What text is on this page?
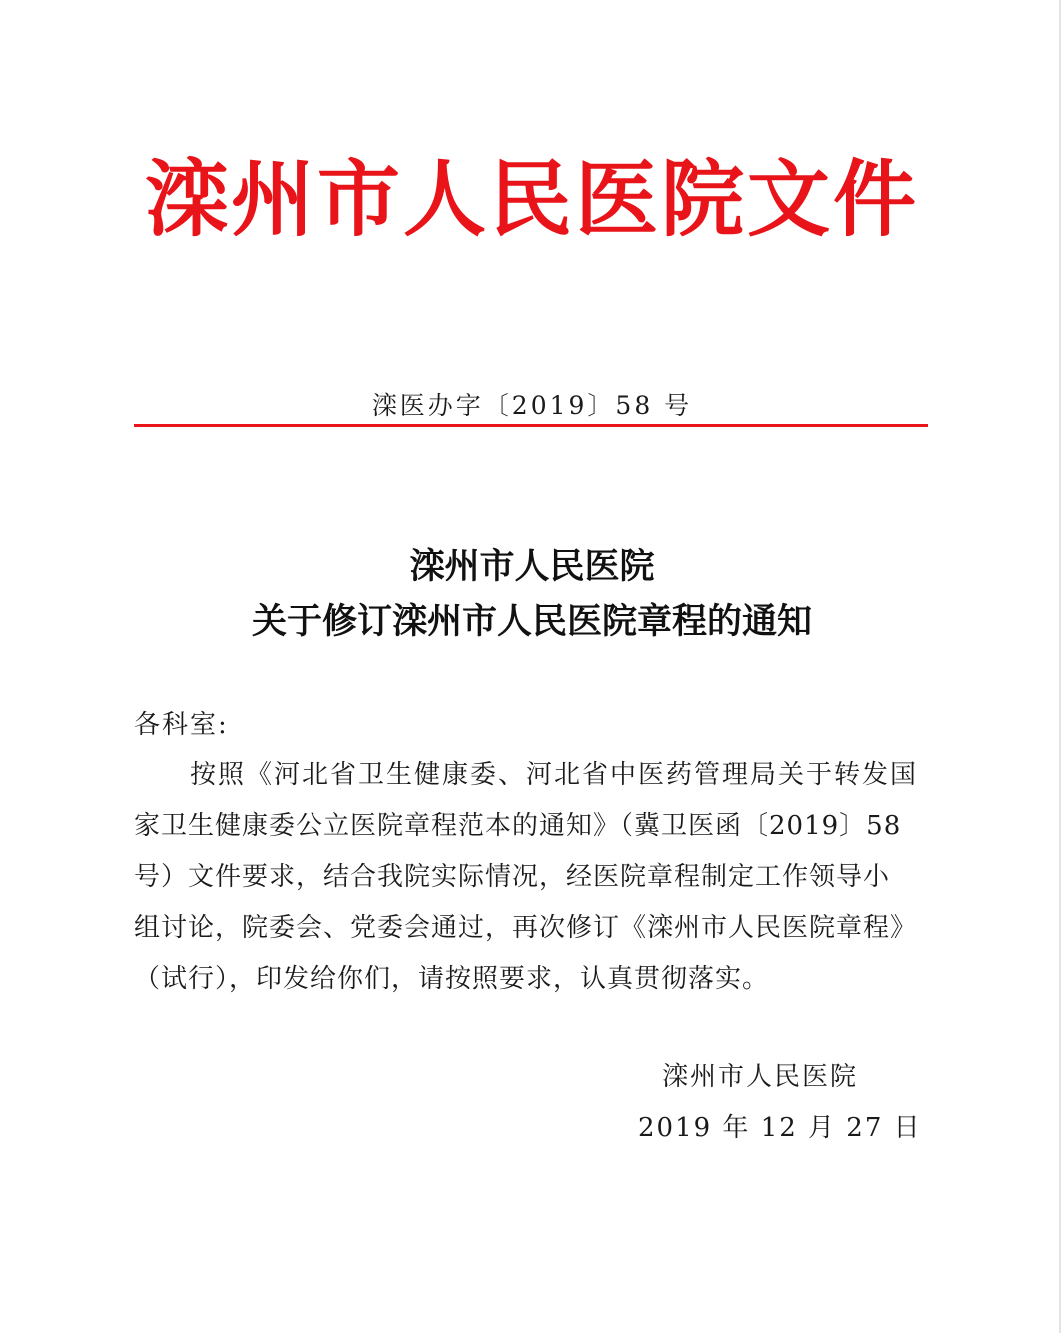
滦州市人民医院文件
滦医办字〔2019〕58 号
滦州市人民医院
关于修订滦州市人民医院章程的通知
各科室:
按照《河北省卫生健康委、河北省中医药管理局关于转发国
家卫生健康委公立医院章程范本的通知》（冀卫医函〔2019〕58
号）文件要求，结合我院实际情况，经医院章程制定工作领导小
组讨论，院委会、党委会通过，再次修订《滦州市人民医院章程》
（试行），印发给你们，请按照要求，认真贯彻落实。
滦州市人民医院
2019 年 12 月 27 日
